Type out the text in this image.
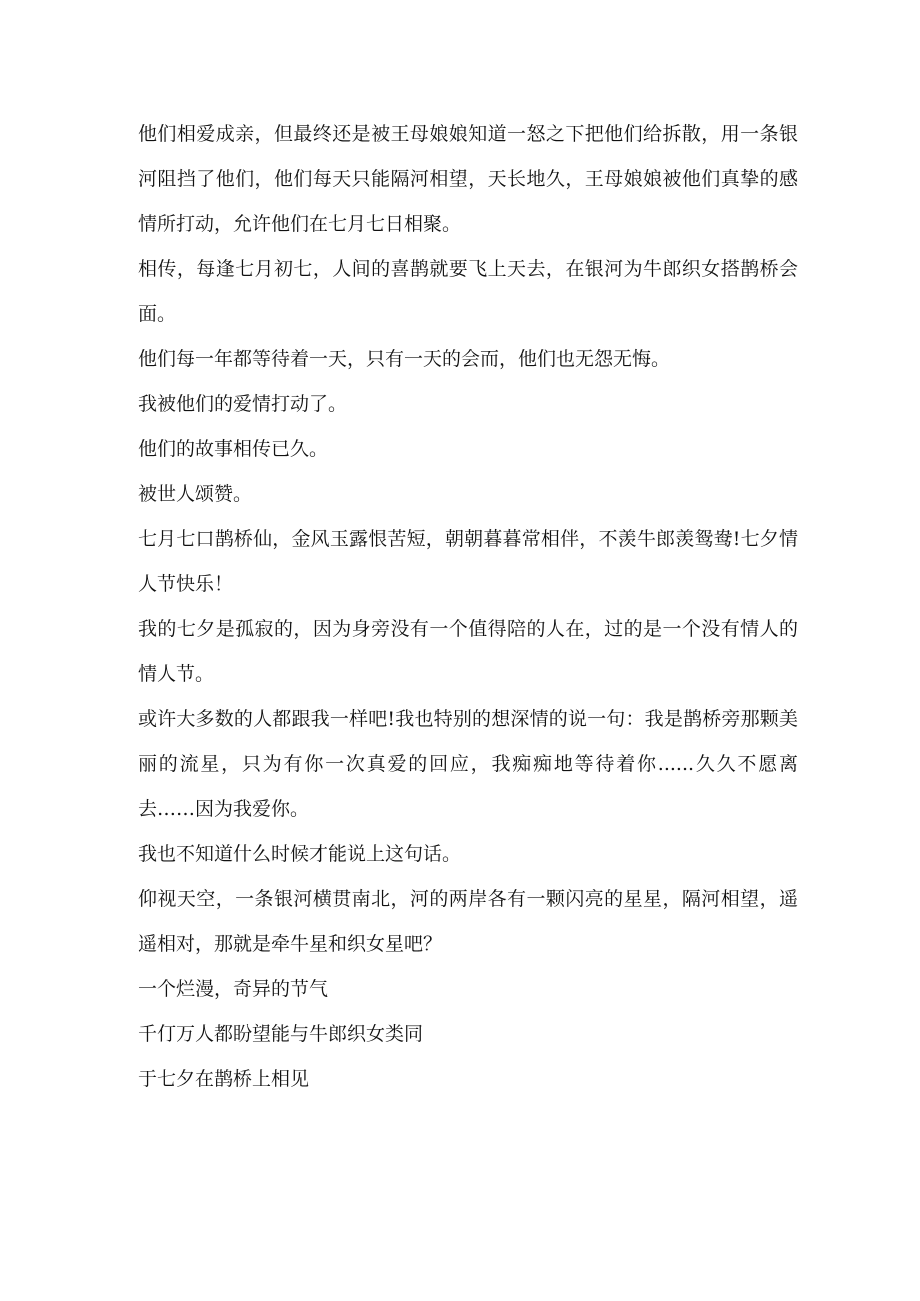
他们相爱成亲，但最终还是被王母娘娘知道一怒之下把他们给拆散，用一条银河阻挡了他们，他们每天只能隔河相望，天长地久，王母娘娘被他们真挚的感情所打动，允许他们在七月七日相聚。

相传，每逢七月初七，人间的喜鹊就要飞上天去，在银河为牛郎织女搭鹊桥会面。

他们每一年都等待着一天，只有一天的会而，他们也无怨无悔。

我被他们的爱情打动了。

他们的故事相传已久。

被世人颂赞。

七月七口鹊桥仙，金风玉露恨苦短，朝朝暮暮常相伴，不羡牛郎羡鸳鸯!七夕情人节快乐！

我的七夕是孤寂的，因为身旁没有一个值得陪的人在，过的是一个没有情人的情人节。

或许大多数的人都跟我一样吧!我也特别的想深情的说一句：我是鹊桥旁那颗美丽的流星，只为有你一次真爱的回应，我痴痴地等待着你......久久不愿离去……因为我爱你。

我也不知道什么时候才能说上这句话。

仰视天空，一条银河横贯南北，河的两岸各有一颗闪亮的星星，隔河相望，遥遥相对，那就是牵牛星和织女星吧？

一个烂漫，奇异的节气

千仃万人都盼望能与牛郎织女类同

于七夕在鹊桥上相见
